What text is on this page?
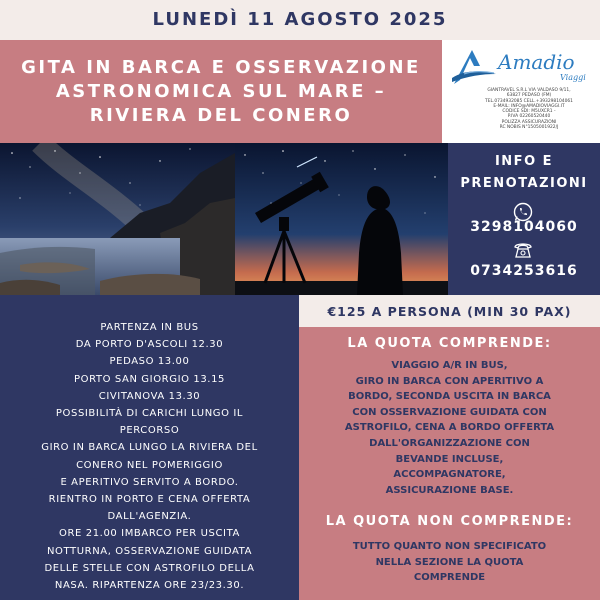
LUNEDÌ 11 AGOSTO 2025
GITA IN BARCA E OSSERVAZIONE
ASTRONOMICA SUL MARE –
RIVIERA DEL CONERO
Amadio
Viaggi
GIANTRAVEL S.R.L VIA VALDASO 9/11,
63827 PEDASO (FM)
TEL.0734932085 CELL.+393298104061
E-MAIL: INFO@AMADIOVIAGGI.IT
CODICE SDI: M5UXCR1 -
P.IVA 02260520440
POLIZZA ASSICURAZIONI
RC NOBIS N°1505001922/J
INFO E
PRENOTAZIONI
3298104060
0734253616

PARTENZA IN BUS

DA PORTO D'ASCOLI 12.30

PEDASO 13.00

PORTO SAN GIORGIO 13.15

CIVITANOVA 13.30

POSSIBILITÀ DI CARICHI LUNGO IL

PERCORSO

GIRO IN BARCA LUNGO LA RIVIERA DEL

CONERO NEL POMERIGGIO

E APERITIVO SERVITO A BORDO.

RIENTRO IN PORTO E CENA OFFERTA

DALL'AGENZIA.

ORE 21.00 IMBARCO PER USCITA

NOTTURNA, OSSERVAZIONE GUIDATA

DELLE STELLE CON ASTROFILO DELLA

NASA. RIPARTENZA ORE 23/23.30.

€125 A PERSONA (MIN 30 PAX)
LA QUOTA COMPRENDE:
VIAGGIO A/R IN BUS,
GIRO IN BARCA CON APERITIVO A
BORDO, SECONDA USCITA IN BARCA
CON OSSERVAZIONE GUIDATA CON
ASTROFILO, CENA A BORDO OFFERTA
DALL'ORGANIZZAZIONE CON
BEVANDE INCLUSE,
ACCOMPAGNATORE,
ASSICURAZIONE BASE.
LA QUOTA NON COMPRENDE:
TUTTO QUANTO NON SPECIFICATO
NELLA SEZIONE LA QUOTA
COMPRENDE
